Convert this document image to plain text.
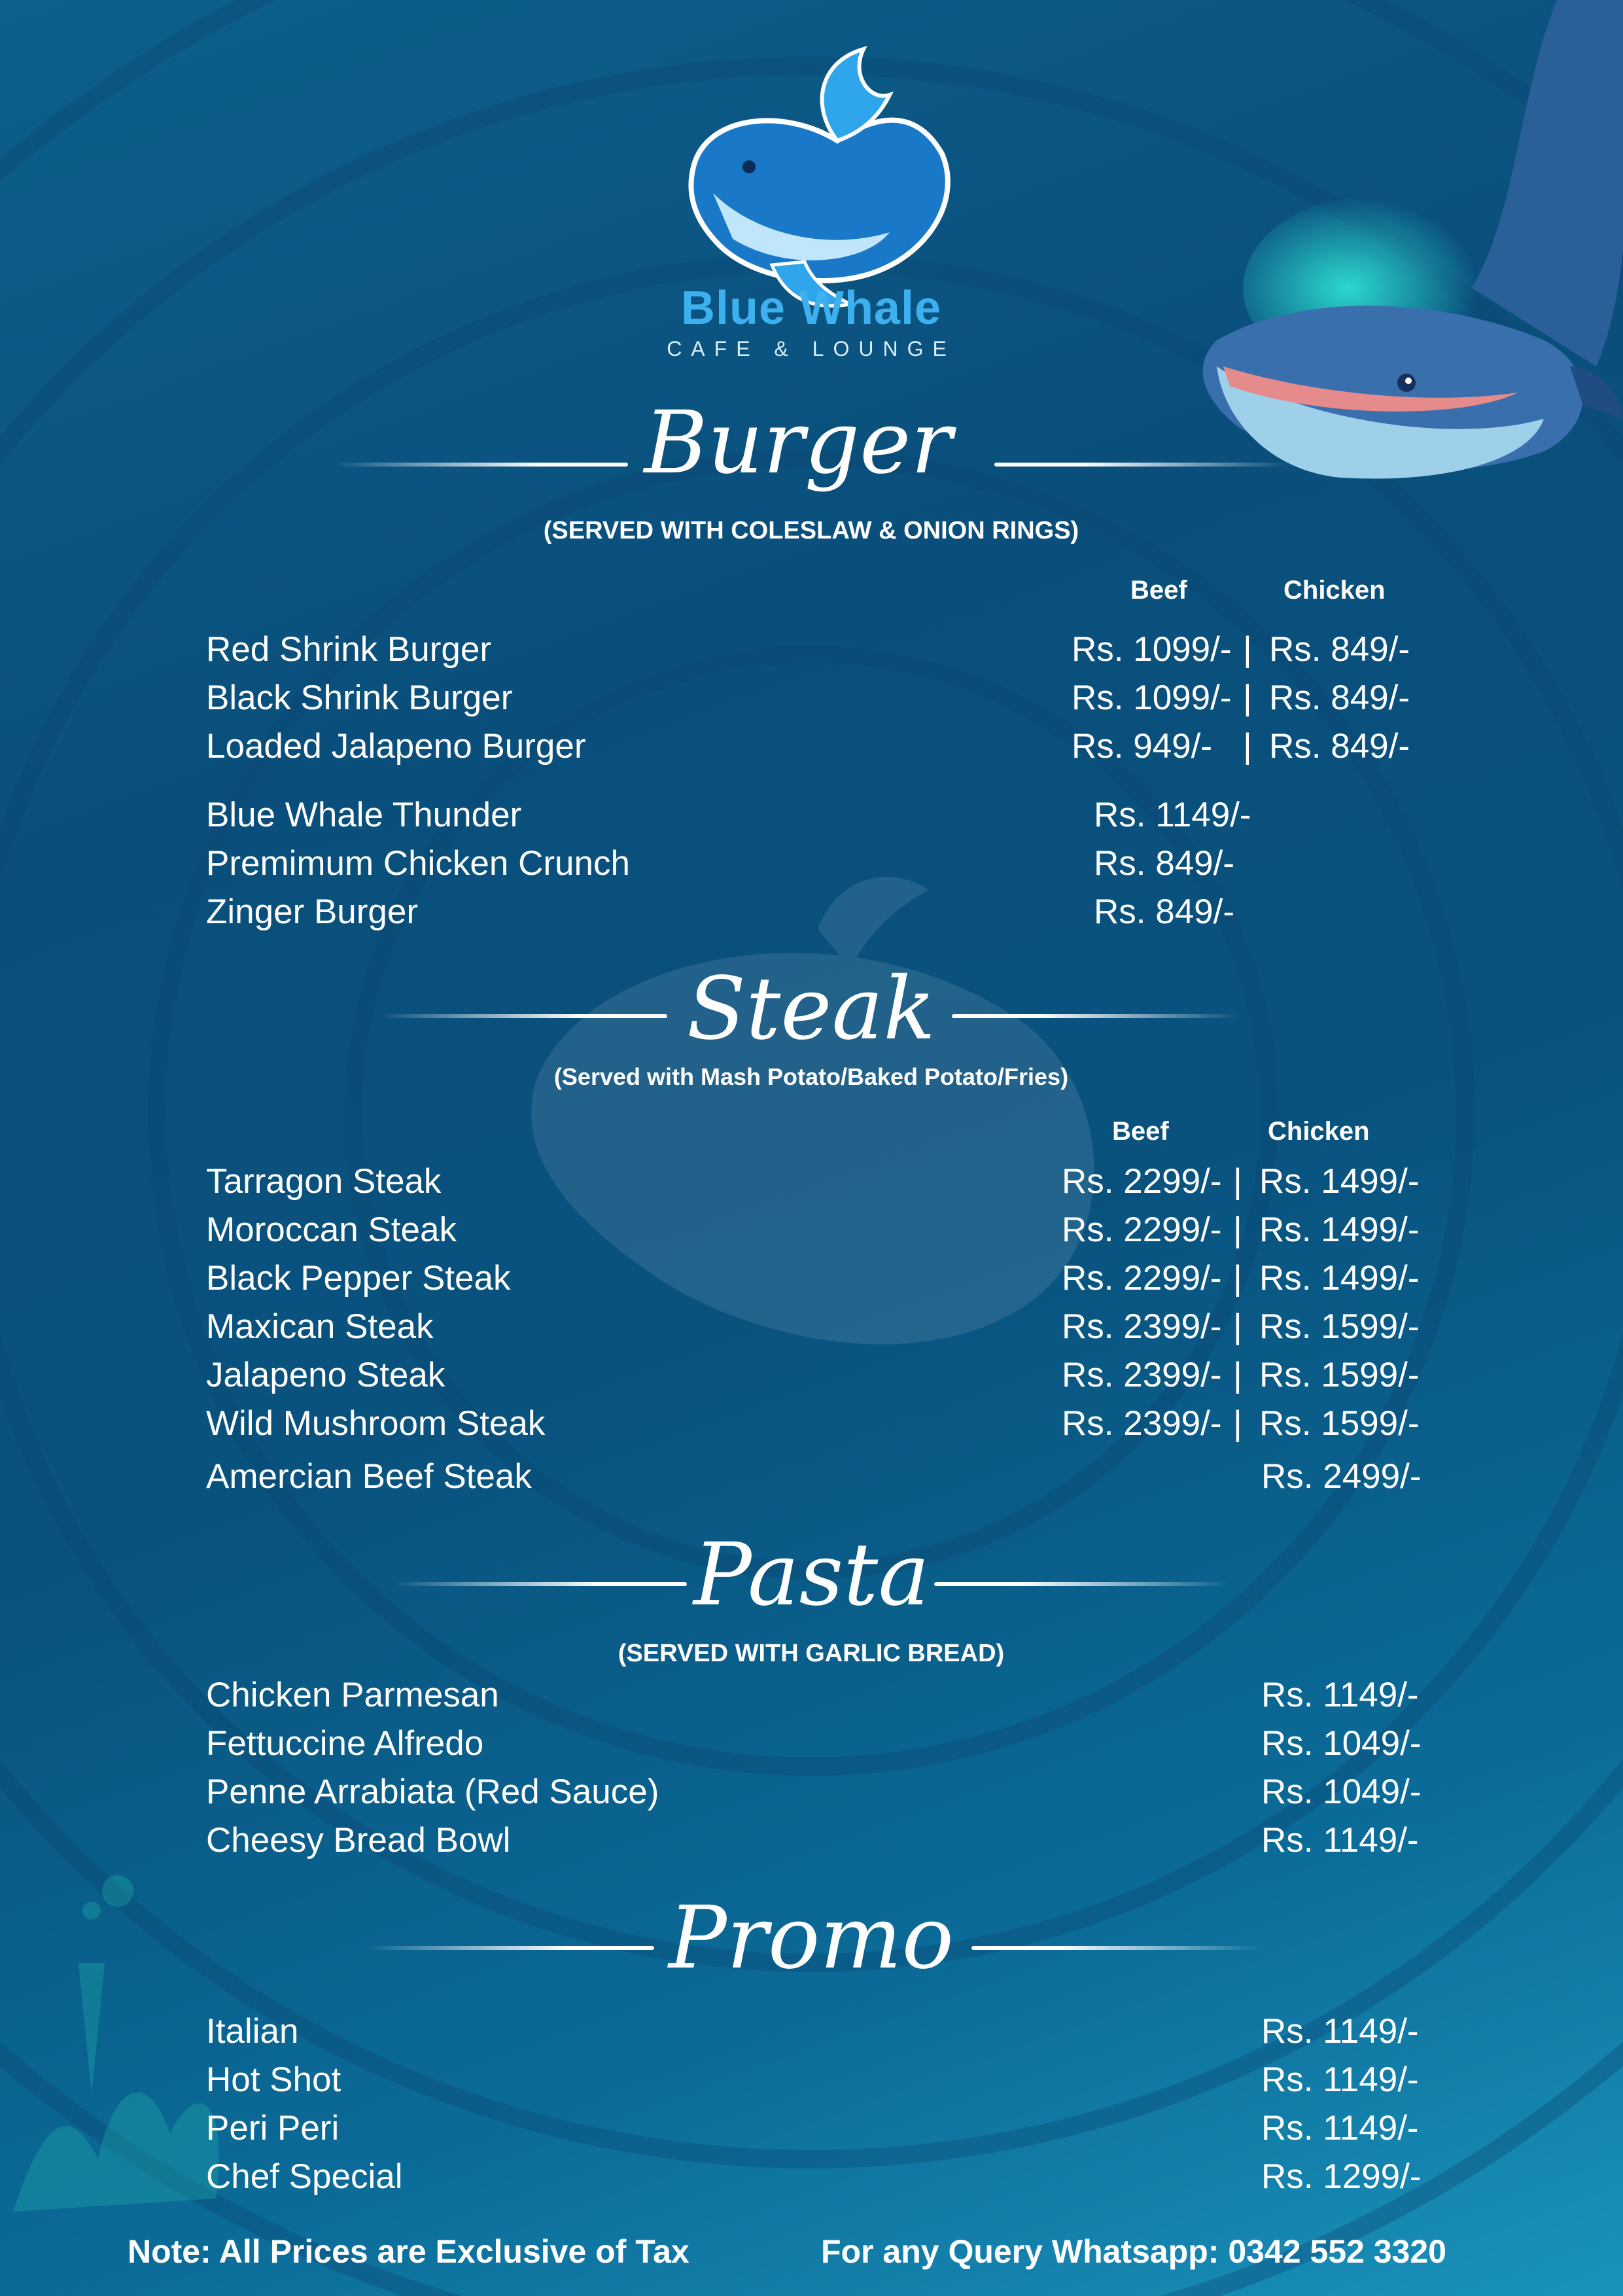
Blue Whale
CAFE & LOUNGE
Burger
(SERVED WITH COLESLAW & ONION RINGS)
Beef	Chicken
Red Shrink Burger	Rs. 1099/- | Rs. 849/-
Black Shrink Burger	Rs. 1099/- | Rs. 849/-
Loaded Jalapeno Burger	Rs. 949/- | Rs. 849/-
Blue Whale Thunder	Rs. 1149/-
Premimum Chicken Crunch	Rs. 849/-
Zinger Burger	Rs. 849/-
Steak
(Served with Mash Potato/Baked Potato/Fries)
Beef	Chicken
Tarragon Steak	Rs. 2299/- | Rs. 1499/-
Moroccan Steak	Rs. 2299/- | Rs. 1499/-
Black Pepper Steak	Rs. 2299/- | Rs. 1499/-
Maxican Steak	Rs. 2399/- | Rs. 1599/-
Jalapeno Steak	Rs. 2399/- | Rs. 1599/-
Wild Mushroom Steak	Rs. 2399/- | Rs. 1599/-
Amercian Beef Steak	Rs. 2499/-
Pasta
(SERVED WITH GARLIC BREAD)
Chicken Parmesan	Rs. 1149/-
Fettuccine Alfredo	Rs. 1049/-
Penne Arrabiata (Red Sauce)	Rs. 1049/-
Cheesy Bread Bowl	Rs. 1149/-
Promo
Italian	Rs. 1149/-
Hot Shot	Rs. 1149/-
Peri Peri	Rs. 1149/-
Chef Special	Rs. 1299/-
Note: All Prices are Exclusive of Tax	For any Query Whatsapp: 0342 552 3320
